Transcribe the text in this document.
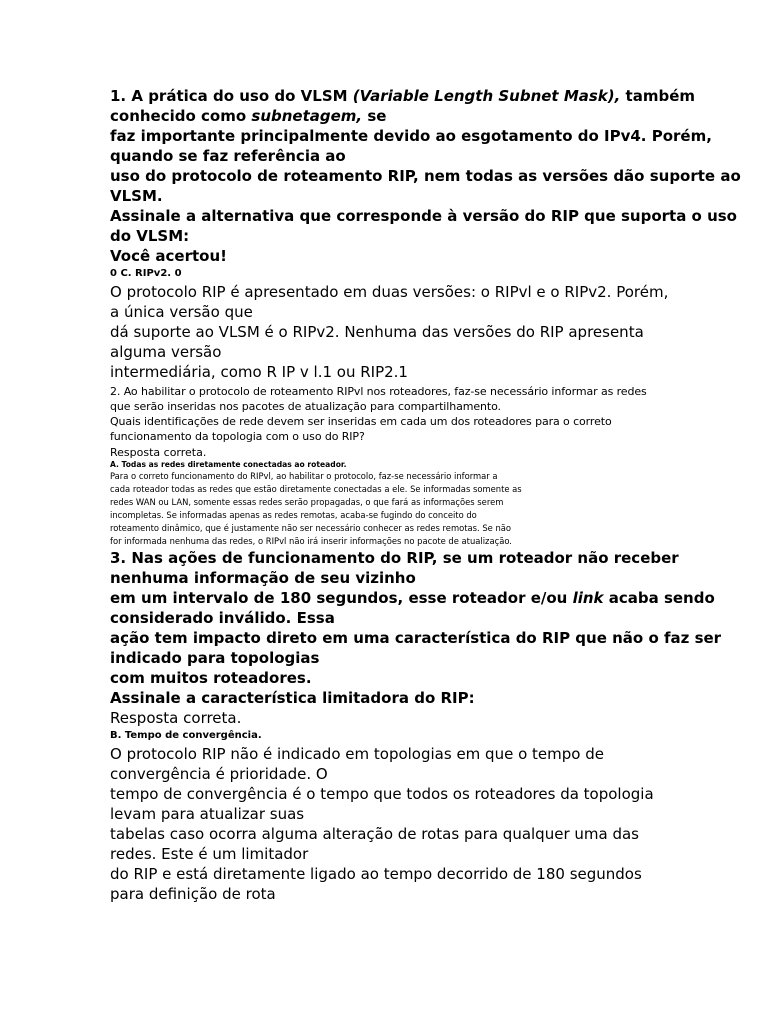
1. A prática do uso do VLSM (Variable Length Subnet Mask), também
conhecido como subnetagem, se
faz importante principalmente devido ao esgotamento do IPv4. Porém,
quando se faz referência ao
uso do protocolo de roteamento RIP, nem todas as versões dão suporte ao
VLSM.
Assinale a alternativa que corresponde à versão do RIP que suporta o uso
do VLSM:
Você acertou!
0 C. RIPv2. 0
O protocolo RIP é apresentado em duas versões: o RIPvl e o RIPv2. Porém,
a única versão que
dá suporte ao VLSM é o RIPv2. Nenhuma das versões do RIP apresenta
alguma versão
intermediária, como R IP v l.1 ou RIP2.1
2. Ao habilitar o protocolo de roteamento RIPvl nos roteadores, faz-se necessário informar as redes
que serão inseridas nos pacotes de atualização para compartilhamento.
Quais identificações de rede devem ser inseridas em cada um dos roteadores para o correto
funcionamento da topologia com o uso do RIP?
Resposta correta.
A. Todas as redes diretamente conectadas ao roteador.
Para o correto funcionamento do RIPvl, ao habilitar o protocolo, faz-se necessário informar a
cada roteador todas as redes que estão diretamente conectadas a ele. Se informadas somente as
redes WAN ou LAN, somente essas redes serão propagadas, o que fará as informações serem
incompletas. Se informadas apenas as redes remotas, acaba-se fugindo do conceito do
roteamento dinâmico, que é justamente não ser necessário conhecer as redes remotas. Se não
for informada nenhuma das redes, o RIPvl não irá inserir informações no pacote de atualização.
3. Nas ações de funcionamento do RIP, se um roteador não receber
nenhuma informação de seu vizinho
em um intervalo de 180 segundos, esse roteador e/ou link acaba sendo
considerado inválido. Essa
ação tem impacto direto em uma característica do RIP que não o faz ser
indicado para topologias
com muitos roteadores.
Assinale a característica limitadora do RIP:
Resposta correta.
B. Tempo de convergência.
O protocolo RIP não é indicado em topologias em que o tempo de
convergência é prioridade. O
tempo de convergência é o tempo que todos os roteadores da topologia
levam para atualizar suas
tabelas caso ocorra alguma alteração de rotas para qualquer uma das
redes. Este é um limitador
do RIP e está diretamente ligado ao tempo decorrido de 180 segundos
para definição de rota
